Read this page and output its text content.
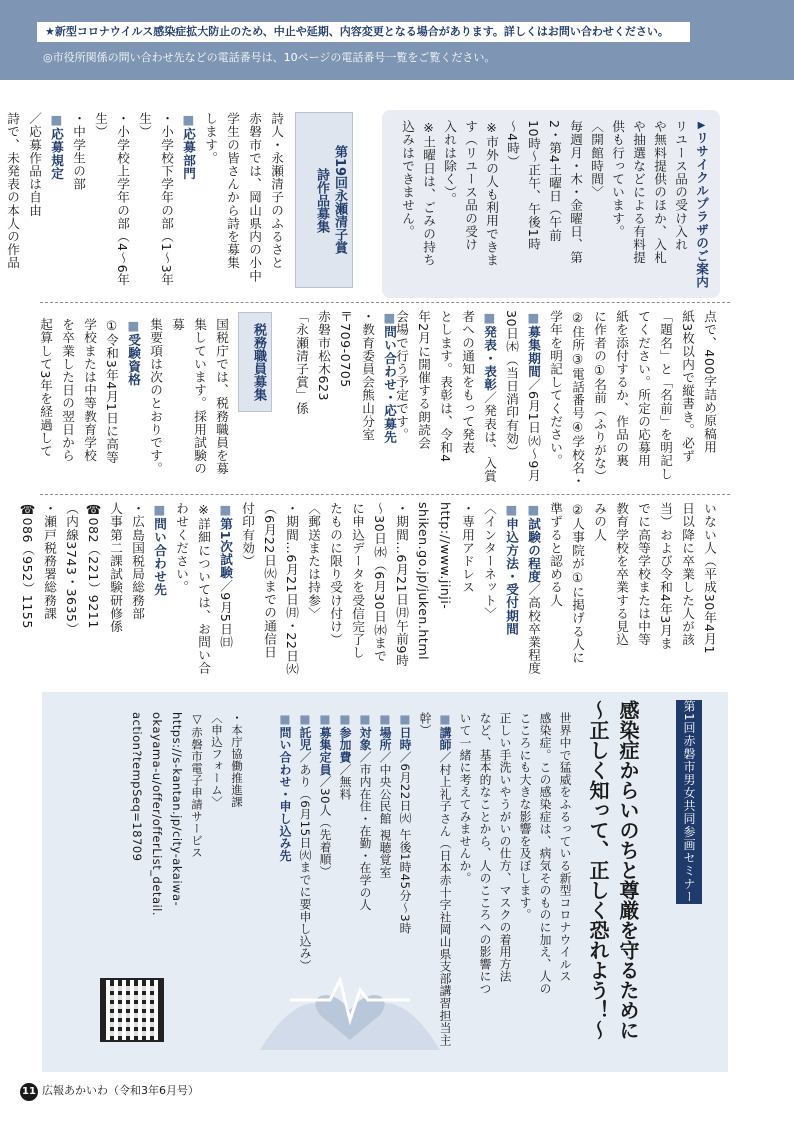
★新型コロナウイルス感染症拡大防止のため、中止や延期、内容変更となる場合があります。詳しくはお問い合わせください。
◎市役所関係の問い合わせ先などの電話番号は、10ページの電話番号一覧をご覧ください。

▶ リサイクルプラザのご案内

リユース品の受け入れ

や無料提供のほか、入札

や抽選などによる有料提

供も行っています。

〈開館時間〉

毎週月・木・金曜日、第

2・第4土曜日（午前

10時〜正午、午後1時

〜4時）

※市外の人も利用できま

す（リユース品の受け

入れは除く）。

※土曜日は、ごみの持ち

込みはできません。

第19回永瀬清子賞
詩作品募集

詩人・永瀬清子のふるさと

赤磐市では、岡山県内の小中

学生の皆さんから詩を募集

します。

■ 応募部門

・ 小学校下学年の部（1〜3年生）

・ 小学校上学年の部（4〜6年生）

・ 中学生の部

■ 応募規定

／応募作品は自由

詩で、未発表の本人の作品

点で、400字詰め原稿用

紙3枚以内で縦書き。必ず

「題名」と「名前」を明記し

てください。所定の応募用

紙を添付するか、作品の裏

に作者の①名前（ふりがな）

②住所③電話番号④学校名・

学年を明記してください。

■ 募集期間／6月1日㈫〜9月30日㈭（当日消印有効）

■ 発表・表彰／発表は、入賞

者への通知をもって発表

とします。表彰は、令和4

年2月に開催する朗読会

会場で行う予定です。

■ 問い合わせ・応募先

・ 教育委員会熊山分室

〒709-0705

赤磐市松木623

「永瀬清子賞」係

税務職員募集

国税庁では、税務職員を募

集しています。採用試験の募

集要項は次のとおりです。

■ 受験資格

①令和3年4月1日に高等

学校または中等教育学校

を卒業した日の翌日から

起算して3年を経過して

いない人（平成30年4月1

日以降に卒業した人が該

当）および令和4年3月ま

でに高等学校または中等

教育学校を卒業する見込

みの人

②人事院が①に掲げる人に

準ずると認める人

■ 試験の程度／高校卒業程度

■ 申込方法・受付期間

〈インターネット〉

・ 専用アドレス

http://www.jinji-shiken.go.jp/juken.html

・ 期間…6月21日㈪午前9時

〜30日㈬（6月30日㈬まで

に申込データを受信完了し

たものに限り受け付け）

〈郵送または持参〉

・ 期間…6月21日㈪・22日㈫

（6月22日㈫までの通信日

付印有効）

■ 第1次試験／9月5日㈰

※詳細については、お問い合

わせください。

■ 問い合わせ先

・ 広島国税局総務部

人事第二課試験研修係

☎082（221）9211

（内線3743・3635）

・ 瀬戸税務署総務課

☎086（952）1155

第1回赤磐市男女共同参画セミナー

感染症からいのちと尊厳を守るために

〜正しく知って、正しく恐れよう！〜

世界中で猛威をふるっている新型コロナウイルス

感染症。この感染症は、病気そのものに加え、人の

こころにも大きな影響を及ぼします。

正しい手洗いやうがいの仕方、マスクの着用方法

など、基本的なことから、人のこころへの影響につ

いて一緒に考えてみませんか。

■ 講師／村上礼子さん（日本赤十字社岡山県支部講習担当主幹）

■ 日時／6月22日㈫ 午後1時45分〜3時

■ 場所／中央公民館 視聴覚室

■ 対象／市内在住・在勤・在学の人

■ 参加費／無料

■ 募集定員／30人（先着順）

■ 託児／あり（6月15日㈫までに要申し込み）

■ 問い合わせ・申し込み先

・ 本庁協働推進課

〈申込フォーム〉

▽赤磐市電子申請サービス

https://s-kantan.jp/city-akaiwa-

okayama-u/offer/offerList_detail.

action?tempSeq=18709

11 広報あかいわ（令和3年6月号）
